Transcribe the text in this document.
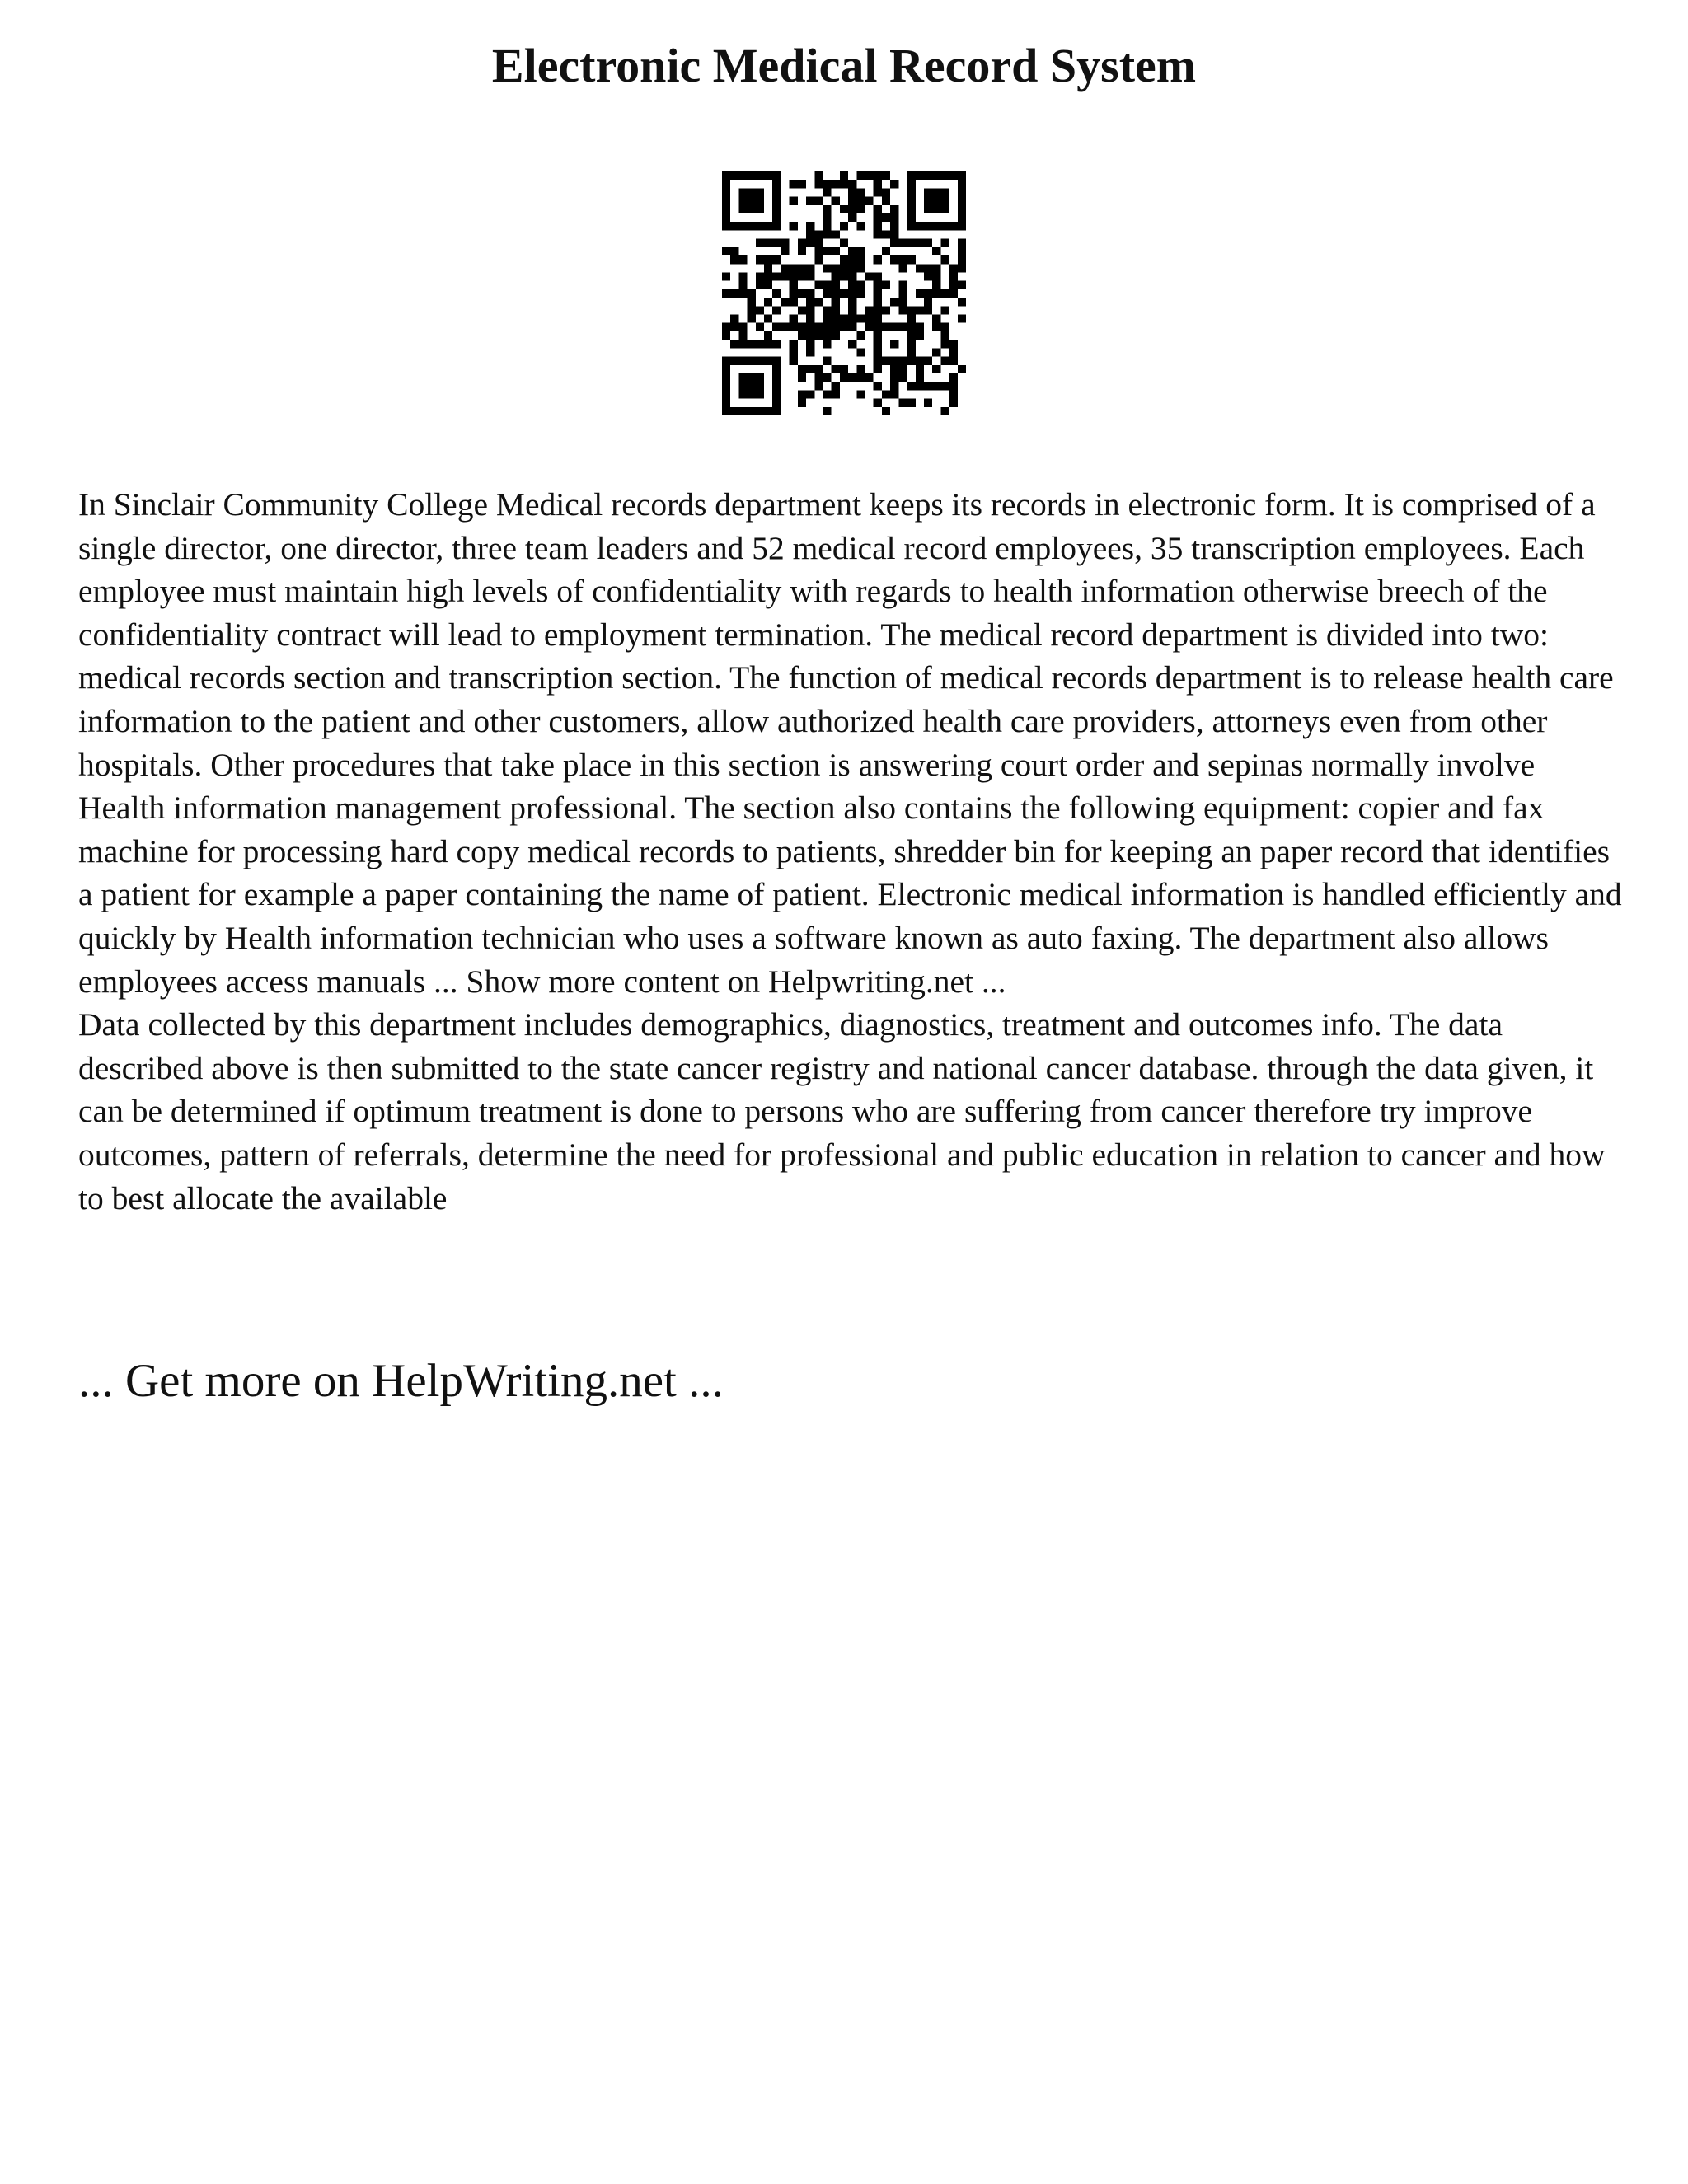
Electronic Medical Record System

In Sinclair Community College Medical records department keeps its records in electronic form. It is comprised of a single director, one director, three team leaders and 52 medical record employees, 35 transcription employees. Each employee must maintain high levels of confidentiality with regards to health information otherwise breech of the confidentiality contract will lead to employment termination. The medical record department is divided into two: medical records section and transcription section. The function of medical records department is to release health care information to the patient and other customers, allow authorized health care providers, attorneys even from other hospitals. Other procedures that take place in this section is answering court order and sepinas normally involve Health information management professional. The section also contains the following equipment: copier and fax machine for processing hard copy medical records to patients, shredder bin for keeping an paper record that identifies a patient for example a paper containing the name of patient. Electronic medical information is handled efficiently and quickly by Health information technician who uses a software known as auto faxing. The department also allows employees access manuals ... Show more content on Helpwriting.net ...

Data collected by this department includes demographics, diagnostics, treatment and outcomes info. The data described above is then submitted to the state cancer registry and national cancer database. through the data given, it can be determined if optimum treatment is done to persons who are suffering from cancer therefore try improve outcomes, pattern of referrals, determine the need for professional and public education in relation to cancer and how to best allocate the available

... Get more on HelpWriting.net ...
